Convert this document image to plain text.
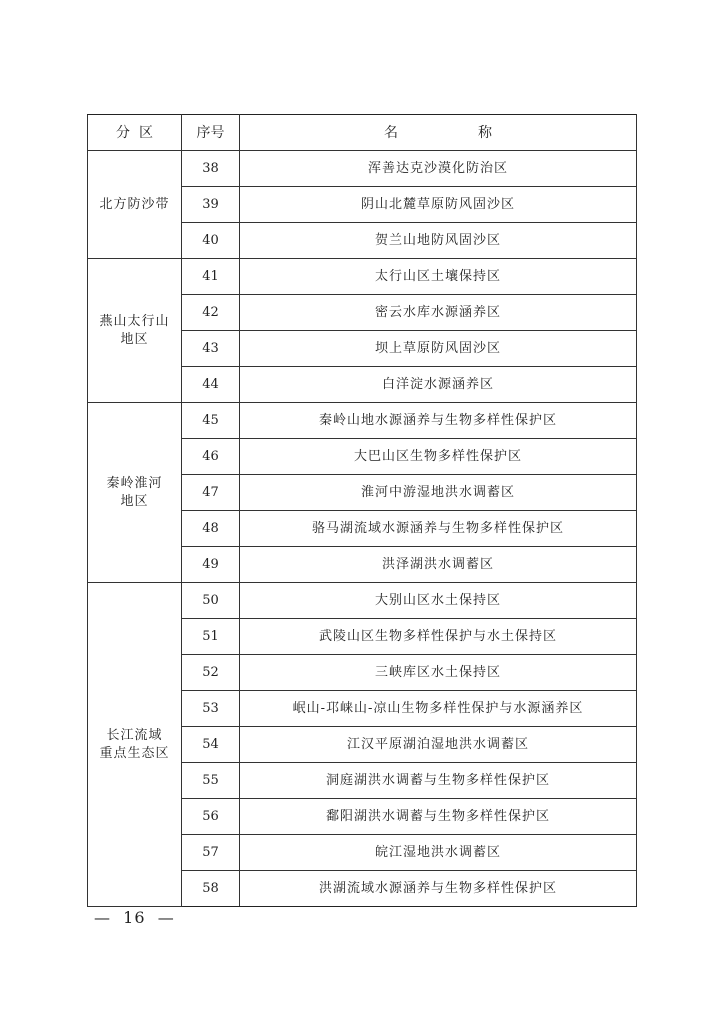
分  区	序号	名                  称
北方防沙带	38	浑善达克沙漠化防治区
	39	阴山北麓草原防风固沙区
	40	贺兰山地防风固沙区
燕山太行山
地区	41	太行山区土壤保持区
	42	密云水库水源涵养区
	43	坝上草原防风固沙区
	44	白洋淀水源涵养区
秦岭淮河
地区	45	秦岭山地水源涵养与生物多样性保护区
	46	大巴山区生物多样性保护区
	47	淮河中游湿地洪水调蓄区
	48	骆马湖流域水源涵养与生物多样性保护区
	49	洪泽湖洪水调蓄区
长江流域
重点生态区	50	大别山区水土保持区
	51	武陵山区生物多样性保护与水土保持区
	52	三峡库区水土保持区
	53	岷山-邛崃山-凉山生物多样性保护与水源涵养区
	54	江汉平原湖泊湿地洪水调蓄区
	55	洞庭湖洪水调蓄与生物多样性保护区
	56	鄱阳湖洪水调蓄与生物多样性保护区
	57	皖江湿地洪水调蓄区
	58	洪湖流域水源涵养与生物多样性保护区
—  16  —
